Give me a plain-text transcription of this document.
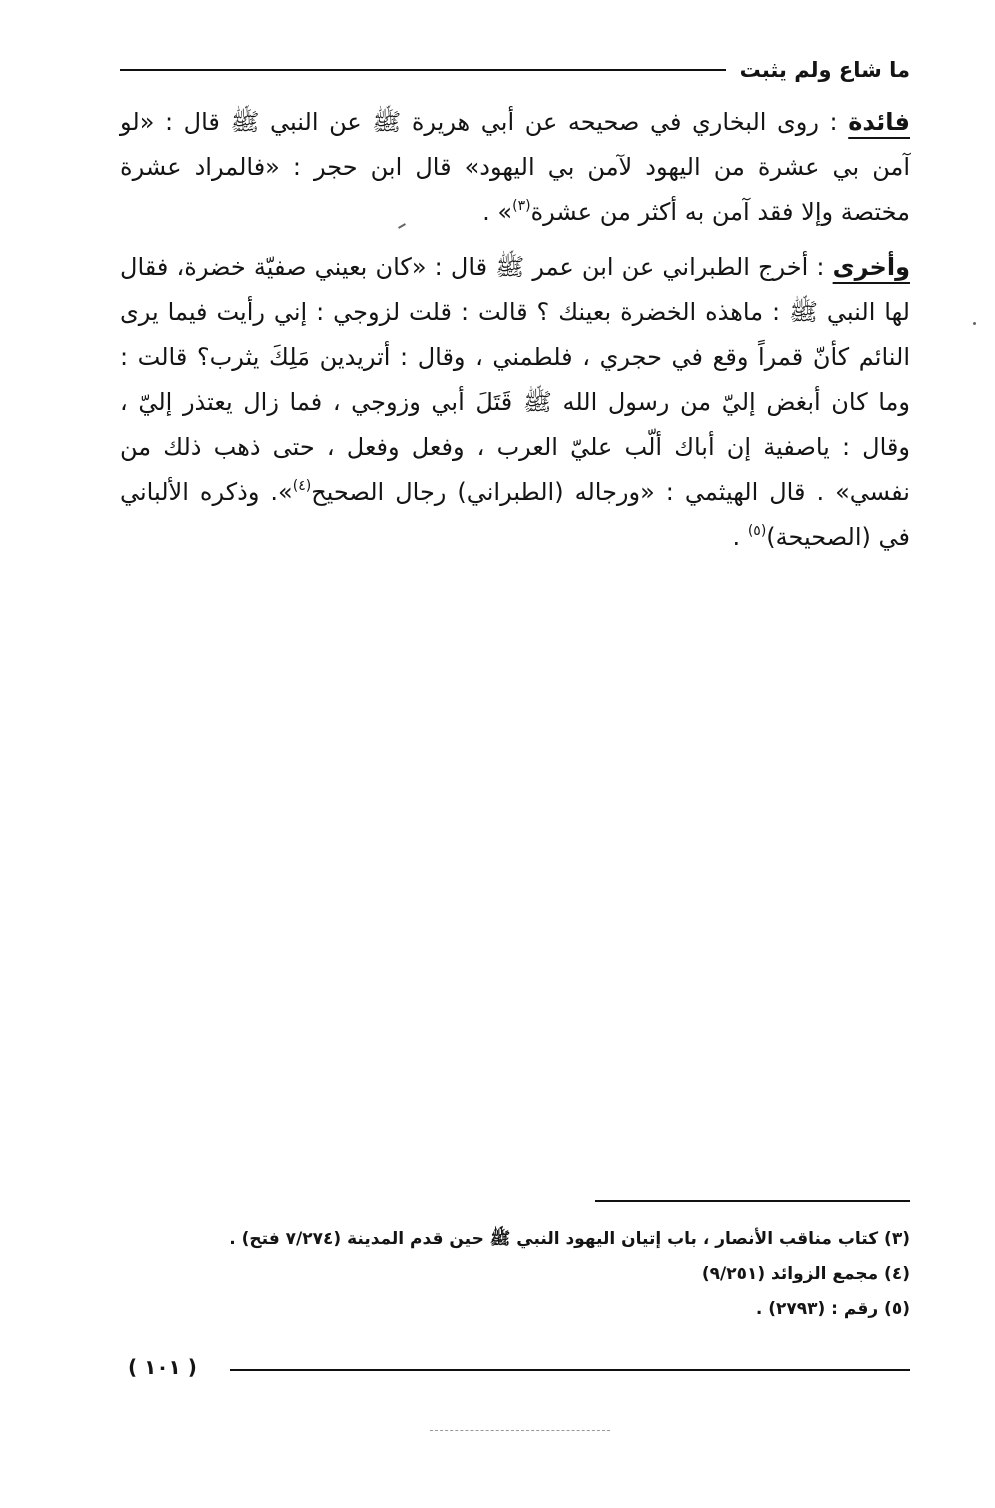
ما شاع ولم يثبت

فائدة : روى البخاري في صحيحه عن أبي هريرة ﷺ عن النبي ﷺ قال : «لو آمن بي عشرة من اليهود لآمن بي اليهود» قال ابن حجر : «فالمراد عشرة مختصة وإلا فقد آمن به أكثر من عشرة$^{(٣)}$» .

وأخرى : أخرج الطبراني عن ابن عمر ﷺ قال : «كان بعيني صفيّة خضرة، فقال لها النبي ﷺ : ماهذه الخضرة بعينك ؟ قالت : قلت لزوجي : إني رأيت فيما يرى النائم كأنّ قمراً وقع في حجري ، فلطمني ، وقال : أتريدين مَلِكَ يثرب؟ قالت : وما كان أبغض إليّ من رسول الله ﷺ قَتَلَ أبي وزوجي ، فما زال يعتذر إليّ ، وقال : ياصفية إن أباك ألّب عليّ العرب ، وفعل وفعل ، حتى ذهب ذلك من نفسي» . قال الهيثمي : «ورجاله (الطبراني) رجال الصحيح$^{(٤)}$». وذكره الألباني في (الصحيحة)$^{(٥)}$ .

(٣) كتاب مناقب الأنصار ، باب إتيان اليهود النبي ﷺ حين قدم المدينة (٧/٢٧٤ فتح) .

(٤) مجمع الزوائد (٩/٢٥١)

(٥) رقم : (٢٧٩٣) .

( ١٠١ )
